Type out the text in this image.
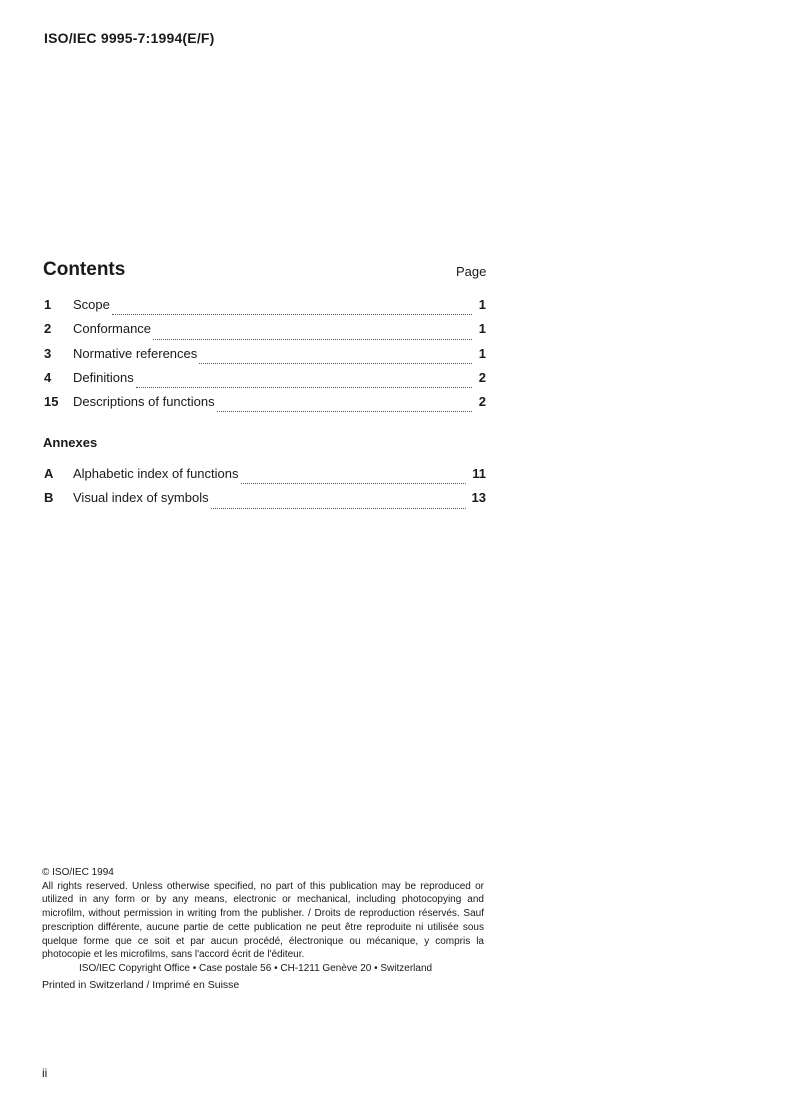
ISO/IEC 9995-7:1994(E/F)
Contents	Page
1	Scope	1
2	Conformance	1
3	Normative references	1
4	Definitions	2
15	Descriptions of functions	2
Annexes
A	Alphabetic index of functions	11
B	Visual index of symbols	13
© ISO/IEC 1994
All rights reserved. Unless otherwise specified, no part of this publication may be reproduced or utilized in any form or by any means, electronic or mechanical, including photocopying and microfilm, without permission in writing from the publisher. / Droits de reproduction réservés. Sauf prescription différente, aucune partie de cette publication ne peut être reproduite ni utilisée sous quelque forme que ce soit et par aucun procédé, électronique ou mécanique, y compris la photocopie et les microfilms, sans l'accord écrit de l'éditeur.
ISO/IEC Copyright Office • Case postale 56 • CH-1211 Genève 20 • Switzerland
Printed in Switzerland / Imprimé en Suisse
ii
